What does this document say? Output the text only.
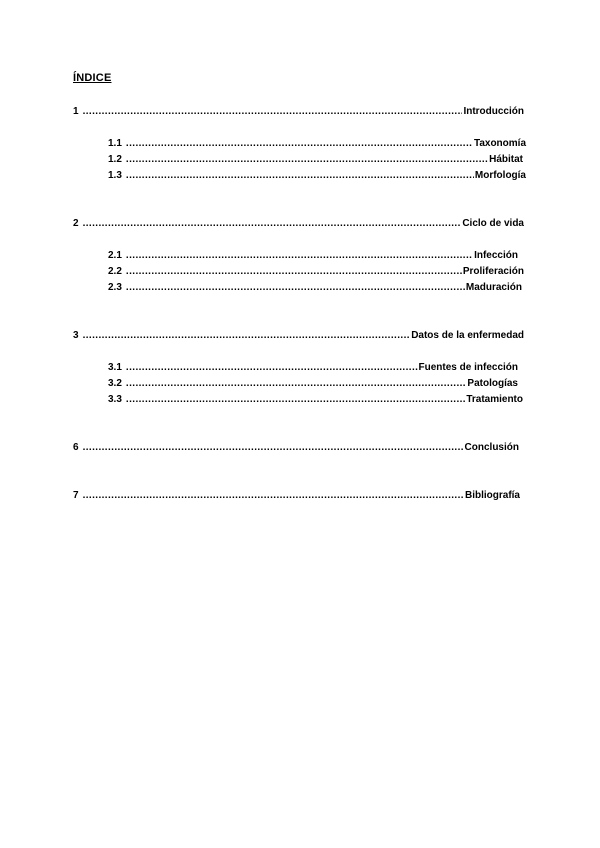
ÍNDICE
1 .....	Introducción
1.1 .....	Taxonomía
1.2 .....	Hábitat
1.3 .....	Morfología
2 .....	Ciclo de vida
2.1 .....	Infección
2.2 .....	Proliferación
2.3 .....	Maduración
3 .....	Datos de la enfermedad
3.1 .....	Fuentes de infección
3.2 .....	Patologías
3.3 .....	Tratamiento
6 .....	Conclusión
7 .....	Bibliografía
